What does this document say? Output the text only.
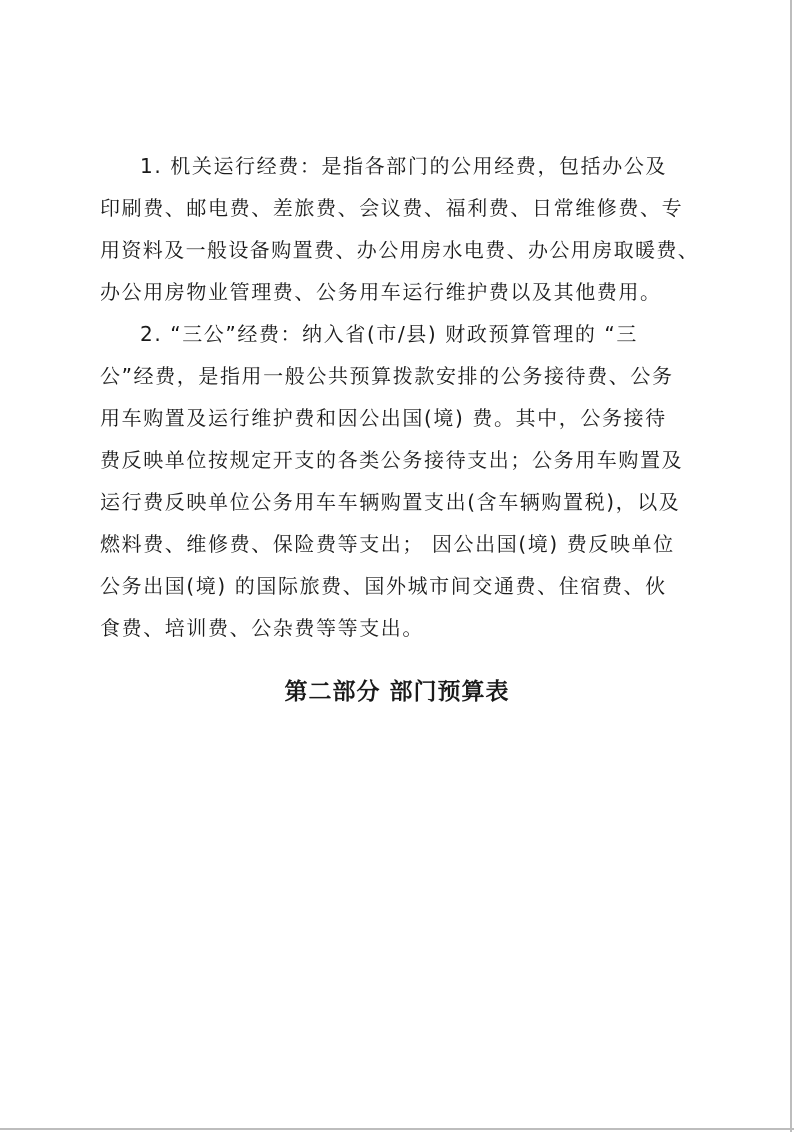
1. 机关运行经费：是指各部门的公用经费，包括办公及
印刷费、邮电费、差旅费、会议费、福利费、日常维修费、专
用资料及一般设备购置费、办公用房水电费、办公用房取暖费、
办公用房物业管理费、公务用车运行维护费以及其他费用。
2. “三公”经费：纳入省(市/县) 财政预算管理的 “三
公”经费，是指用一般公共预算拨款安排的公务接待费、公务
用车购置及运行维护费和因公出国(境) 费。其中，公务接待
费反映单位按规定开支的各类公务接待支出；公务用车购置及
运行费反映单位公务用车车辆购置支出(含车辆购置税)，以及
燃料费、维修费、保险费等支出； 因公出国(境) 费反映单位
公务出国(境) 的国际旅费、国外城市间交通费、住宿费、伙
食费、培训费、公杂费等等支出。
第二部分 部门预算表
